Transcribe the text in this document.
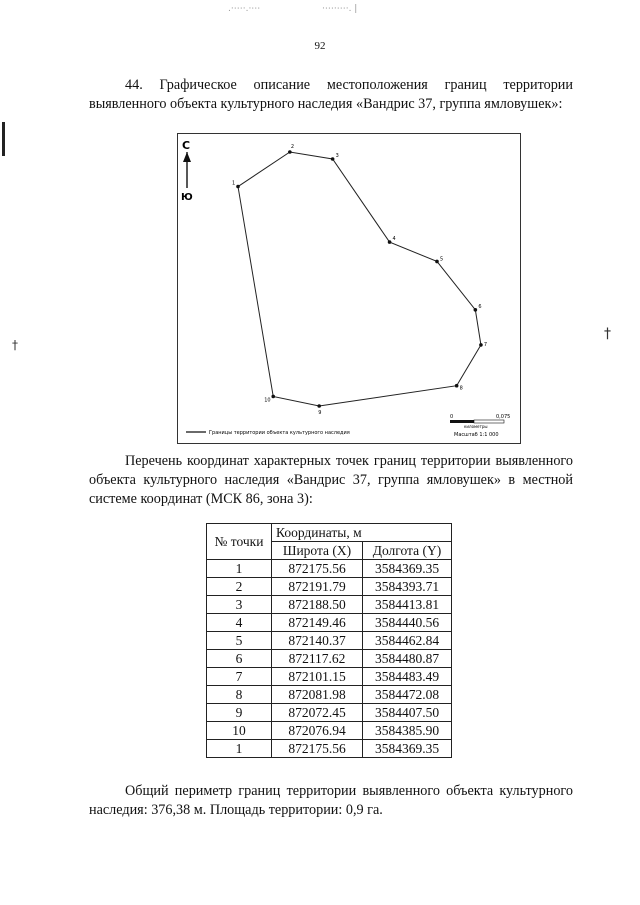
.⋅⋯⋅.⋅⋯	⋅⋯⋅⋯⋅. |
†
†
92
44. Графическое описание местоположения границ территории выявленного объекта культурного наследия «Вандрис 37, группа ямловушек»:
С
Ю
1
2
3
4
5
6
7
8
9
10
Границы территории объекта культурного наследия
0	0,075
километры
Масштаб 1:1 000
Перечень координат характерных точек границ территории выявленного объекта культурного наследия «Вандрис 37, группа ямловушек» в местной системе координат (МСК 86, зона 3):
№ точки	Координаты, м	
	Широта (X)	Долгота (Y)
1	872175.56	3584369.35
2	872191.79	3584393.71
3	872188.50	3584413.81
4	872149.46	3584440.56
5	872140.37	3584462.84
6	872117.62	3584480.87
7	872101.15	3584483.49
8	872081.98	3584472.08
9	872072.45	3584407.50
10	872076.94	3584385.90
1	872175.56	3584369.35
Общий периметр границ территории выявленного объекта культурного наследия: 376,38 м. Площадь территории: 0,9 га.
